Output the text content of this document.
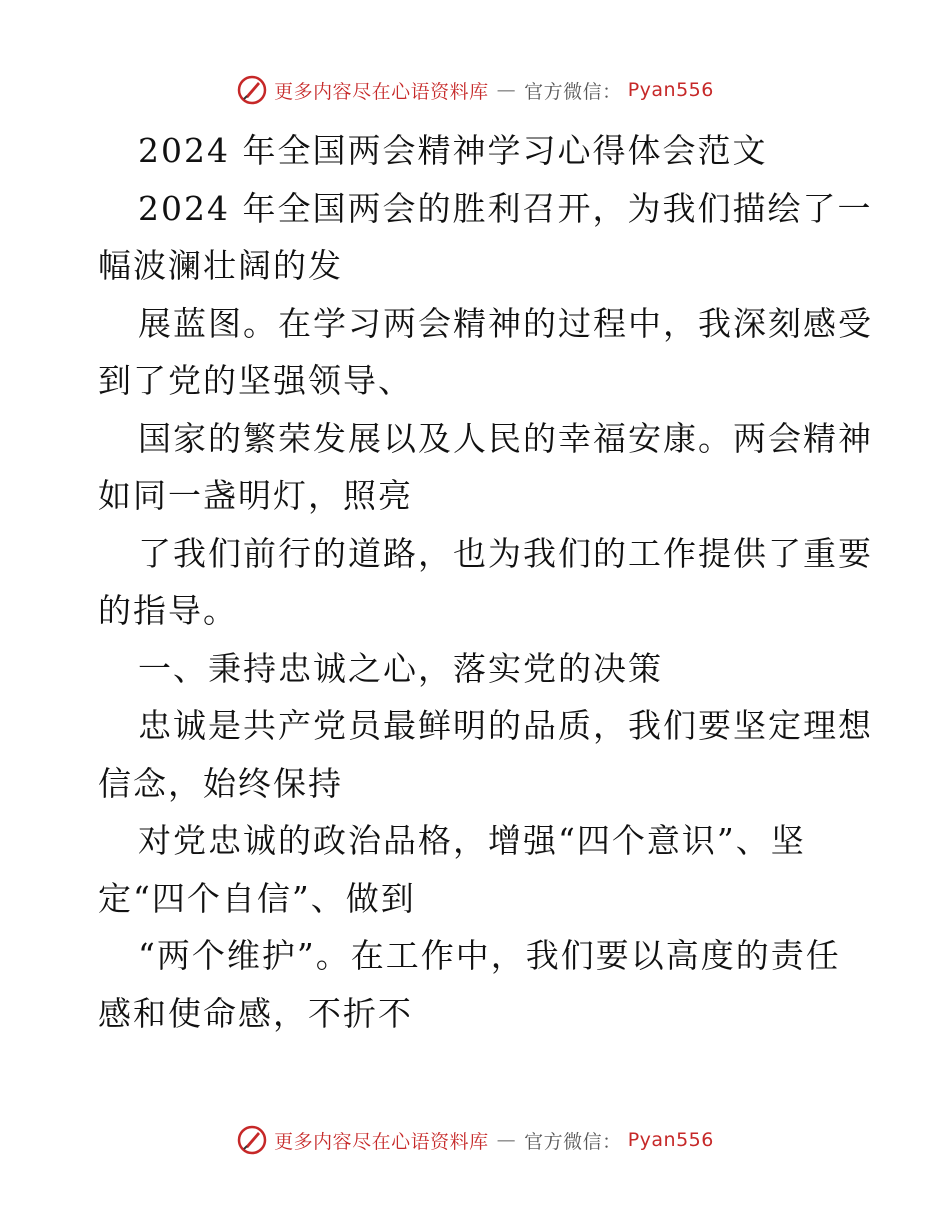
更多内容尽在心语资料库 — 官方微信： Pyan556
2024 年全国两会精神学习心得体会范文
2024 年全国两会的胜利召开，为我们描绘了一
幅波澜壮阔的发
展蓝图。在学习两会精神的过程中，我深刻感受
到了党的坚强领导、
国家的繁荣发展以及人民的幸福安康。两会精神
如同一盏明灯，照亮
了我们前行的道路，也为我们的工作提供了重要
的指导。
一、秉持忠诚之心，落实党的决策
忠诚是共产党员最鲜明的品质，我们要坚定理想
信念，始终保持
对党忠诚的政治品格，增强“四个意识”、坚
定“四个自信”、做到
“两个维护”。在工作中，我们要以高度的责任
感和使命感，不折不
更多内容尽在心语资料库 — 官方微信： Pyan556
